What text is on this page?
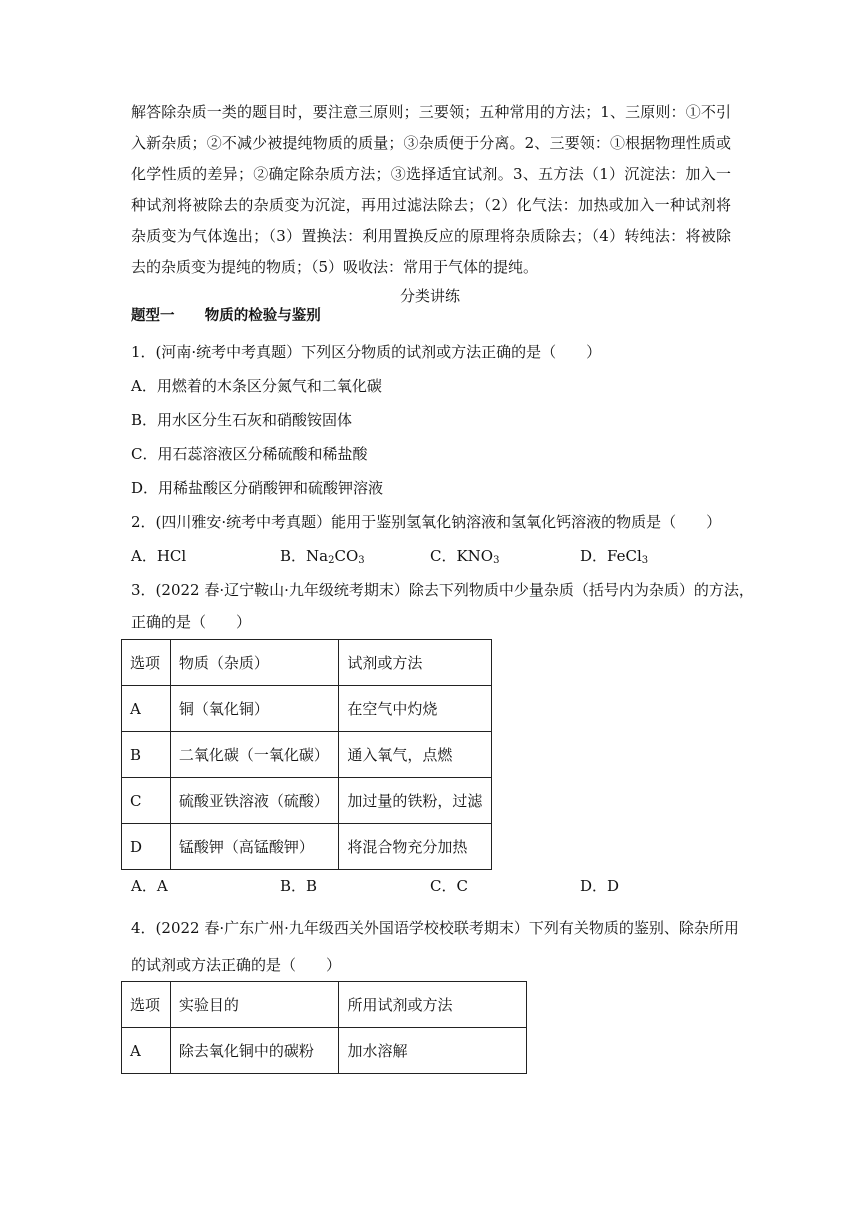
解答除杂质一类的题目时，要注意三原则；三要领；五种常用的方法；1、三原则：①不引入新杂质；②不减少被提纯物质的质量；③杂质便于分离。2、三要领：①根据物理性质或化学性质的差异；②确定除杂质方法；③选择适宜试剂。3、五方法（1）沉淀法：加入一种试剂将被除去的杂质变为沉淀，再用过滤法除去；（2）化气法：加热或加入一种试剂将杂质变为气体逸出；（3）置换法：利用置换反应的原理将杂质除去；（4）转纯法：将被除去的杂质变为提纯的物质；（5）吸收法：常用于气体的提纯。
分类讲练
题型一      物质的检验与鉴别
1．(河南·统考中考真题）下列区分物质的试剂或方法正确的是（　　）
A．用燃着的木条区分氮气和二氧化碳
B．用水区分生石灰和硝酸铵固体
C．用石蕊溶液区分稀硫酸和稀盐酸
D．用稀盐酸区分硝酸钾和硫酸钾溶液
2．(四川雅安·统考中考真题）能用于鉴别氢氧化钠溶液和氢氧化钙溶液的物质是（　　）
A．HCl	B．$Na_2CO_3$	C．$KNO_3$	D．FeCl$_3$
3．(2022 春·辽宁鞍山·九年级统考期末）除去下列物质中少量杂质（括号内为杂质）的方法，
正确的是（　　）
选项	物质（杂质）	试剂或方法
A	铜（氧化铜）	在空气中灼烧
B	二氧化碳（一氧化碳）	通入氧气，点燃
C	硫酸亚铁溶液（硫酸）	加过量的铁粉，过滤
D	锰酸钾（高锰酸钾）	将混合物充分加热
A．A	B．B	C．C	D．D
4．(2022 春·广东广州·九年级西关外国语学校校联考期末）下列有关物质的鉴别、除杂所用
的试剂或方法正确的是（　　）
选项	实验目的	所用试剂或方法
A	除去氧化铜中的碳粉	加水溶解
